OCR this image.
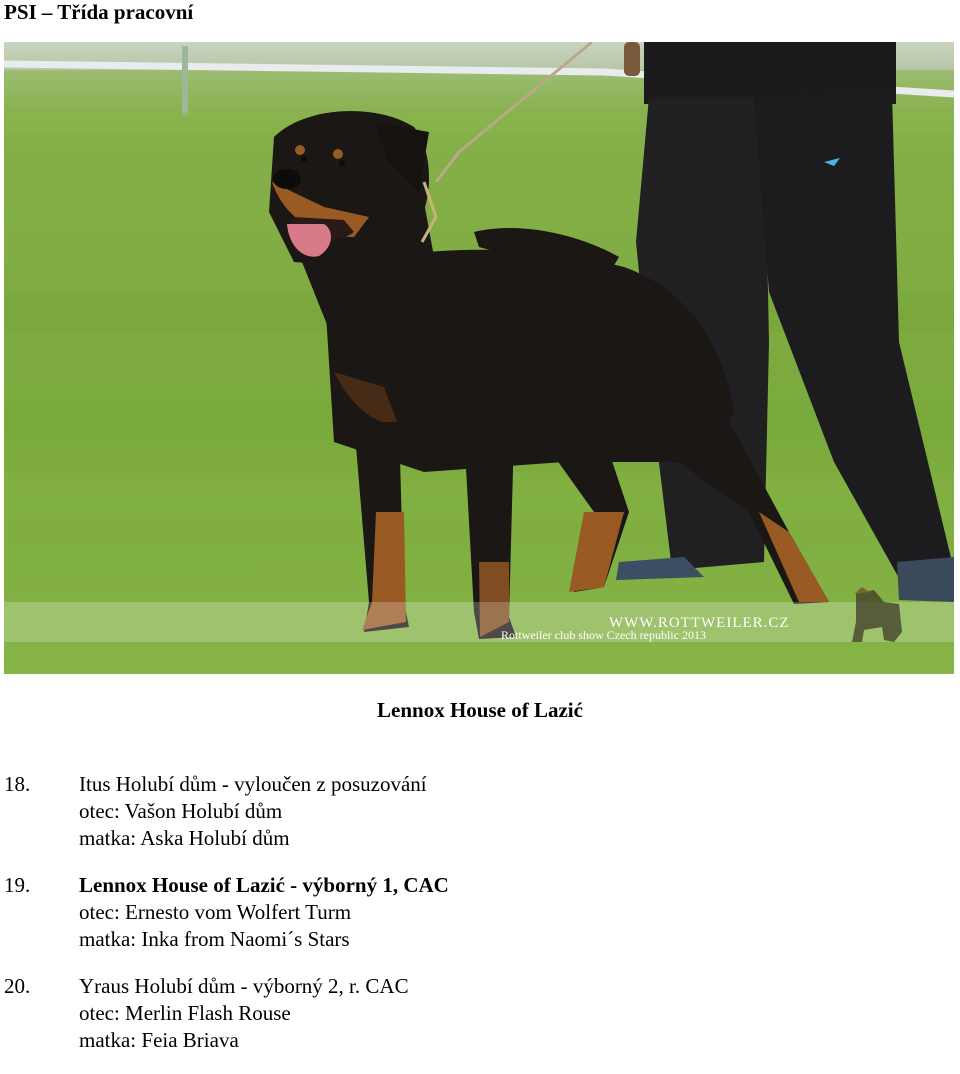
PSI – Třída pracovní
WWW.ROTTWEILER.CZ
Rottweiler club show Czech republic 2013
Lennox House of Lazić
18. Itus Holubí dům - vyloučen z posuzování
otec: Vašon Holubí dům
matka: Aska Holubí dům
19. Lennox House of Lazić - výborný 1, CAC
otec: Ernesto vom Wolfert Turm
matka: Inka from Naomi´s Stars
20. Yraus Holubí dům - výborný 2, r. CAC
otec: Merlin Flash Rouse
matka: Feia Briava
